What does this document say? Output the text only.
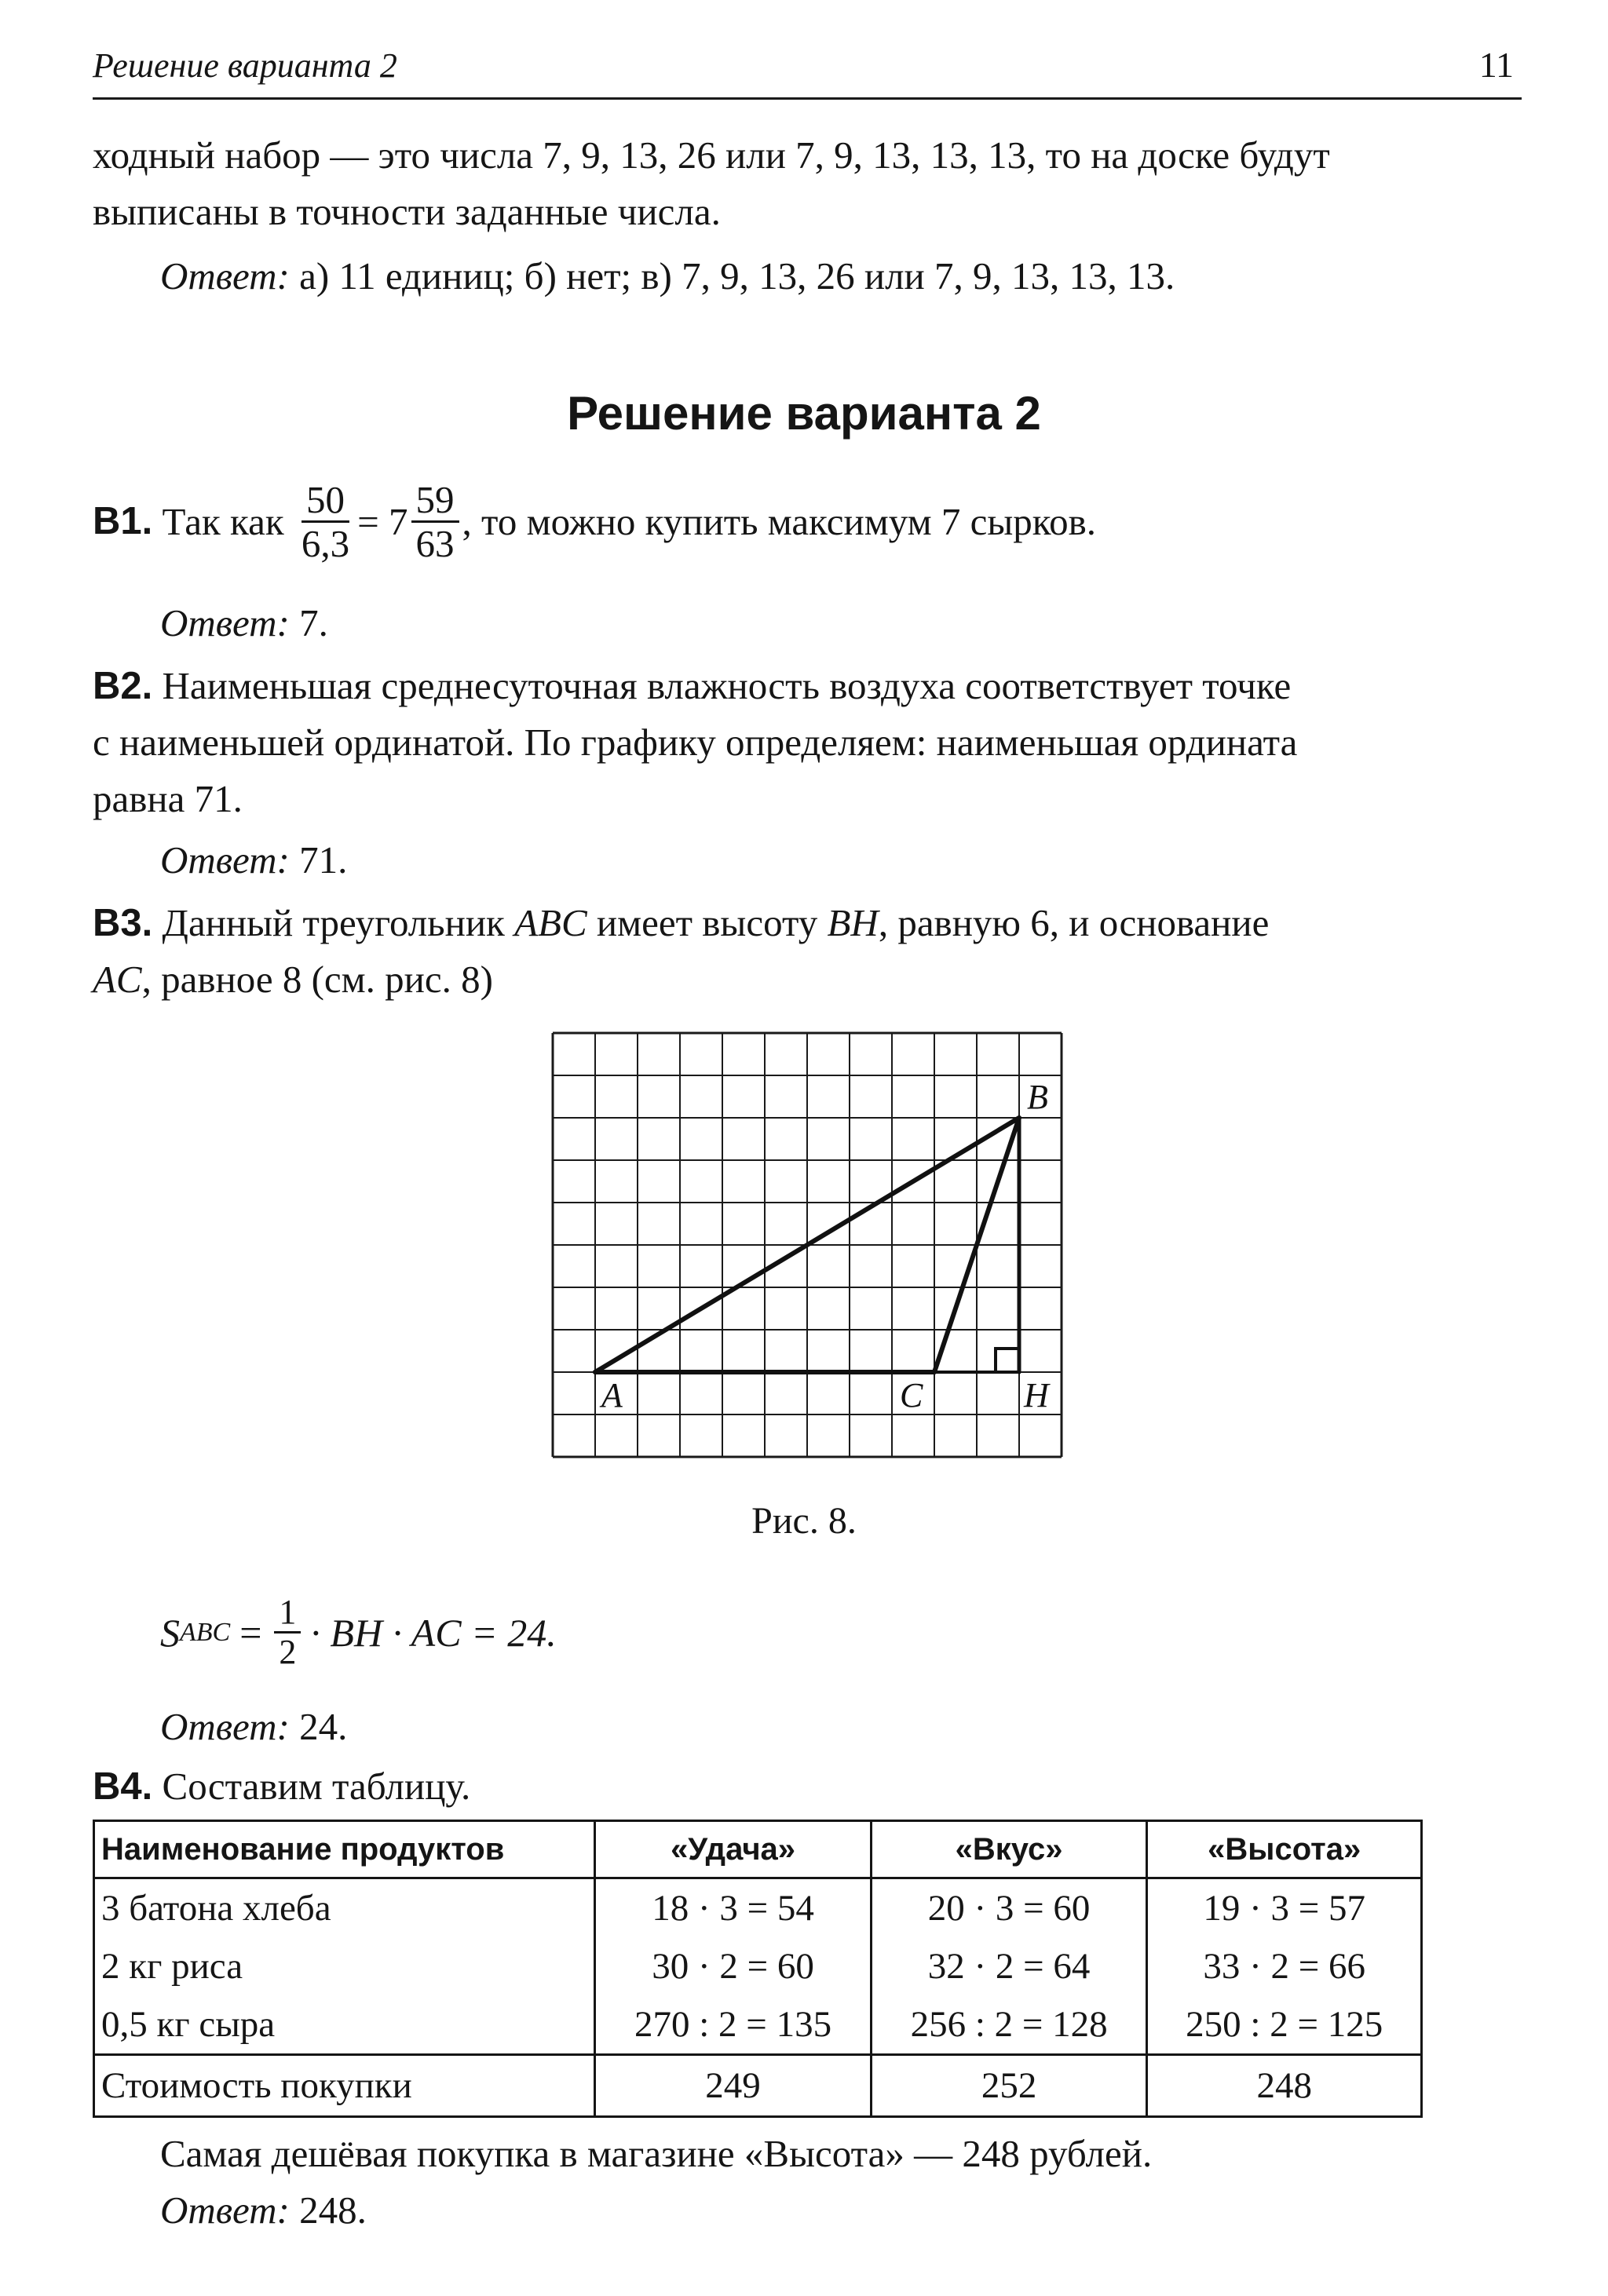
Решение варианта 2	11
ходный набор — это числа 7, 9, 13, 26 или 7, 9, 13, 13, 13, то на доске будут
выписаны в точности заданные числа.
Ответ: а) 11 единиц; б) нет; в) 7, 9, 13, 26 или 7, 9, 13, 13, 13.
Решение варианта 2
B1.
Так как
$\frac{50}{6,3} = 7 \frac{59}{63}$ , то можно купить максимум 7 сырков.
Ответ: 7.
B2. Наименьшая среднесуточная влажность воздуха соответствует точке
с наименьшей ординатой. По графику определяем: наименьшая ордината
равна 71.
Ответ: 71.
B3. Данный треугольник ABC имеет высоту BH, равную 6, и основание
AC, равное 8 (см. рис. 8)
A
B
C	H
Рис. 8.
S ABC = $\frac{1}{2}$ · BH · AC = 24.
Ответ: 24.
B4. Составим таблицу.
Наименование продуктов	«Удача»	«Вкус»	«Высота»
3 батона хлеба	18 · 3 = 54	20 · 3 = 60	19 · 3 = 57
2 кг риса	30 · 2 = 60	32 · 2 = 64	33 · 2 = 66
0,5 кг сыра	270 : 2 = 135	256 : 2 = 128	250 : 2 = 125
Стоимость покупки	249	252	248
Самая дешёвая покупка в магазине «Высота» — 248 рублей.
Ответ: 248.
